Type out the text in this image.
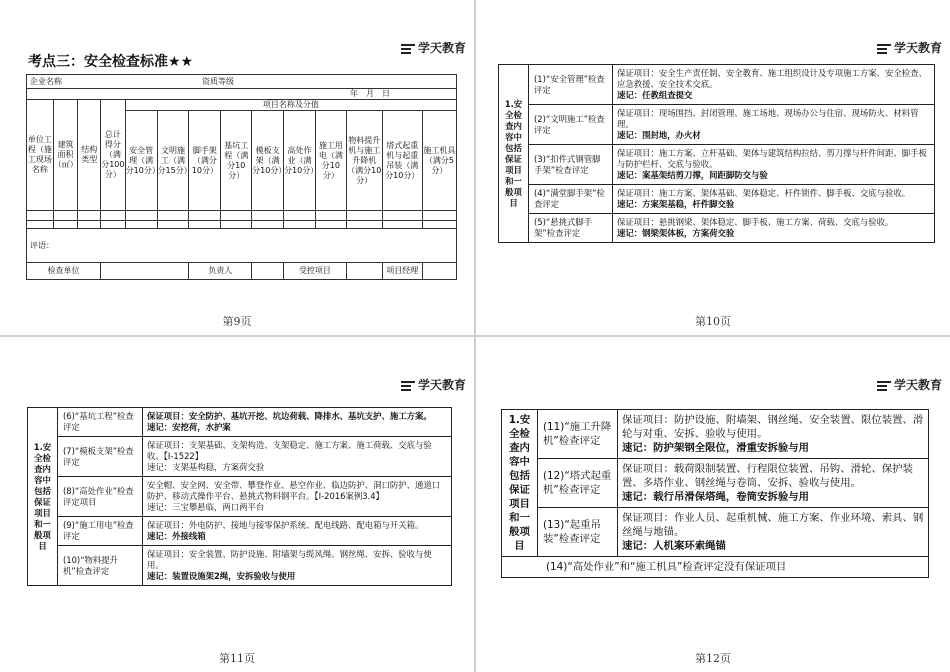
学天教育
考点三：安全检查标准★★
企业名称 资质等级													

年　月　日													
单位工程（施工现场名称	建筑面积（㎡）	结构类型	总计得分（满分100分）	项目名称及分值									
				安全管理（满分10分）	文明施工（满分15分）	脚手架（满分10分）	基坑工程（满分10分）	模板支架（满分10分）	高处作业（满分10分）	施工用电（满分10分）	物料提升机与施工升降机（满分10分）	塔式起重机与起重吊装（满分10分）	施工机具（满分5分）

评语：													
检查单位						负责人			受控项目			项目经理	
第9页
学天教育
1.安全检查内容中包括保证项目和一般项目	(1)“安全管理”检查评定	保证项目：安全生产责任制、安全教育、施工组织设计及专项施工方案、安全检查、应急救援、安全技术交底。
速记：任教组查提交
	(2)“文明施工”检查评定	保证项目：现场围挡、封闭管理、施工场地、现场办公与住宿、现场防火、材料管理。
速记：围封地，办火材
	(3)“扣件式钢管脚手架”检查评定	保证项目：施工方案、立杆基础、架体与建筑结构拉结、剪刀撑与杆件间距、脚手板与防护栏杆、交底与验收。
速记：案基架结剪刀撑，间距脚防交与验
	(4)“满堂脚手架”检查评定	保证项目：施工方案、架体基础、架体稳定、杆件锁件、脚手板、交底与验收。
速记：方案架基稳，杆件脚交验
	(5)“悬挑式脚手架”检查评定	保证项目：悬挑钢梁、架体稳定、脚手板、施工方案、荷载、交底与验收。
速记：钢梁架体板，方案荷交验
第10页
学天教育
1.安全检查内容中包括保证项目和一般项目	(6)“基坑工程”检查评定	保证项目：安全防护、基坑开挖、坑边荷载、降排水、基坑支护、施工方案。
速记：安挖荷，水护案
	(7)“模板支架”检查评定	保证项目：支架基础、支架构造、支架稳定、施工方案、施工荷载、交底与验收。【Ⅰ-1522】
速记：支架基构稳，方案荷交验
	(8)“高处作业”检查评定项目	安全帽、安全网、安全带、攀登作业、悬空作业、临边防护、洞口防护、通道口防护、移动式操作平台、悬挑式物料钢平台。【Ⅰ-2016案例3.4】
速记：三宝攀悬临，两口两平台
	(9)“施工用电”检查评定	保证项目：外电防护、接地与接零保护系统、配电线路、配电箱与开关箱。
速记：外接线箱
	(10)“物料提升机”检查评定	保证项目：安全装置、防护设施、附墙架与缆风绳、钢丝绳、安拆、验收与使用。
速记：装置设施架2绳，安拆验收与使用
第11页
学天教育
1.安全检查内容中包括保证项目和一般项目	(11)“施工升降机”检查评定	保证项目：防护设施、附墙架、钢丝绳、安全装置、限位装置、滑轮与对重、安拆、验收与使用。
速记：防护架钢全限位，滑重安拆验与用
	(12)“塔式起重机”检查评定	保证项目：载荷限制装置、行程限位装置、吊钩、滑轮、保护装置、多塔作业、钢丝绳与卷筒、安拆、验收与使用。
速记：载行吊滑保塔绳，卷筒安拆验与用
	(13)“起重吊装”检查评定	保证项目：作业人员、起重机械、施工方案、作业环境、索具、钢丝绳与地锚。
速记：人机案环索绳锚
(14)“高处作业”和“施工机具”检查评定没有保证项目		
第12页
